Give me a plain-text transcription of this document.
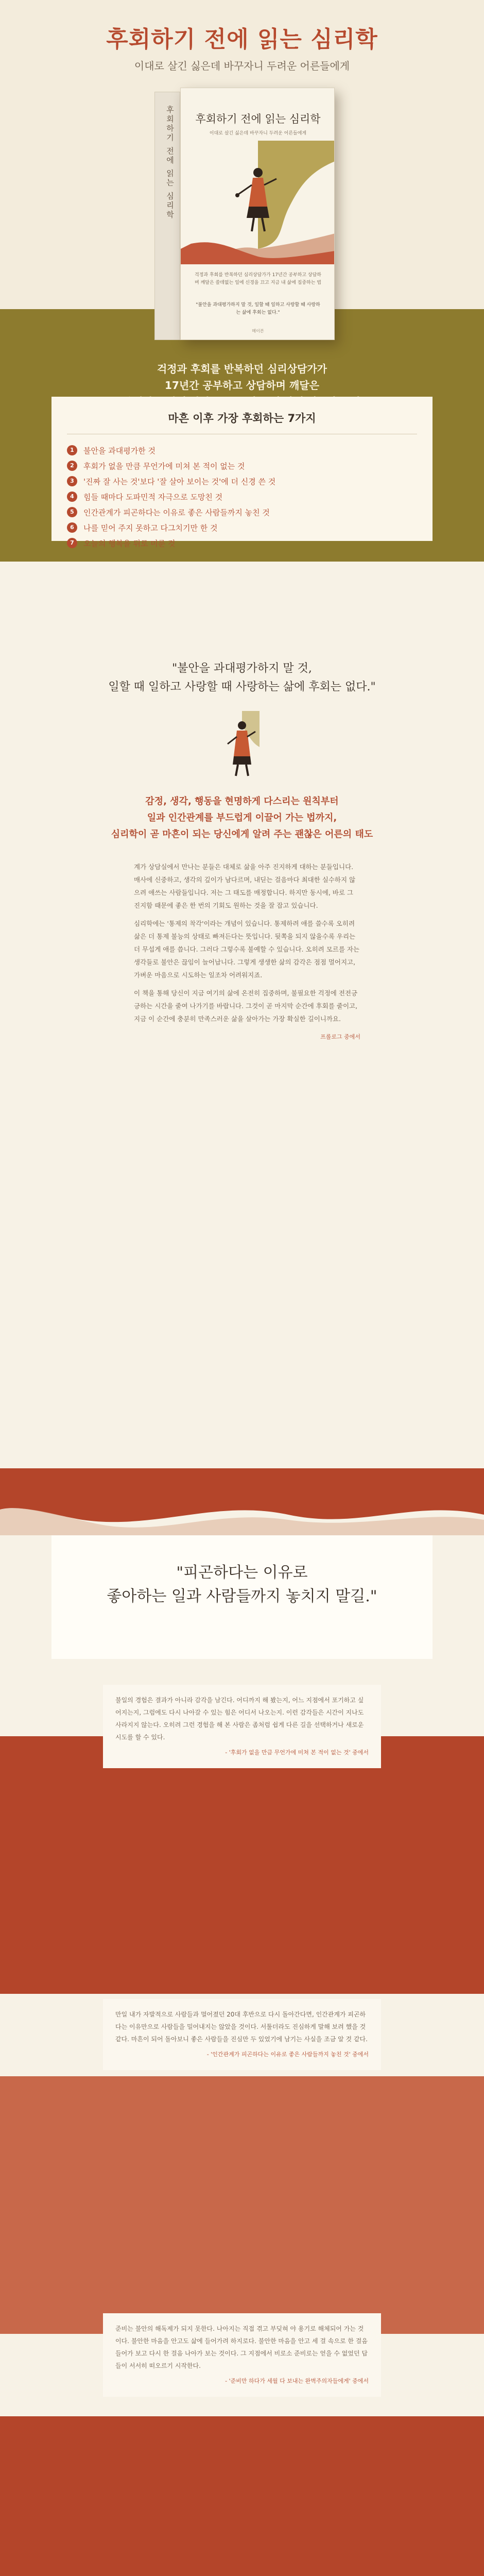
후회하기 전에 읽는 심리학
이대로 살긴 싫은데 바꾸자니 두려운 어른들에게
후회하기 전에 읽는 심리학	후회하기 전에 읽는 심리학
이대로 살긴 싫은데 바꾸자니 두려운 어른들에게
걱정과 후회를 반복하던 심리상담가가 17년간 공부하고 상담하며 깨달은 쓸데없는 일에 신경을 끄고 지금 내 삶에 집중하는 법
"불안을 과대평가하지 말 것, 일할 때 일하고 사랑할 때 사랑하는 삶에 후회는 없다."
메이븐
걱정과 후회를 반복하던 심리상담가가
17년간 공부하고 상담하며 깨달은
마흔 이후 가장 후회하는 7가지
1	불안을 과대평가한 것
2	후회가 없을 만큼 무언가에 미쳐 본 적이 없는 것
3	'진짜 잘 사는 것'보다 '잘 살아 보이는 것'에 더 신경 쓴 것
4	힘들 때마다 도파민적 자극으로 도망친 것
5	인간관계가 피곤하다는 이유로 좋은 사람들까지 놓친 것
6	나를 믿어 주지 못하고 다그치기만 한 것
7	오늘의 행복을 뒤로 미룬 것
"불안을 과대평가하지 말 것,
일할 때 일하고 사랑할 때 사랑하는 삶에 후회는 없다."
감정, 생각, 행동을 현명하게 다스리는 원칙부터
일과 인간관계를 부드럽게 이끌어 가는 법까지,
심리학이 곧 마흔이 되는 당신에게 알려 주는 괜찮은 어른의 태도

계가 상담실에서 만나는 분들은 대체로 삶을 아주 진지하게 대하는 분들입니다. 매사에 신중하고, 생각의 깊이가 남다르며, 내딛는 걸음마다 최대한 실수하지 않으려 애쓰는 사람들입니다. 저는 그 태도를 매정합니다. 하지만 동시에, 바로 그 진지함 때문에 좋은 한 번의 기회도 원하는 것을 잘 잡고 있습니다.

심리학에는 '통제의 착각'이라는 개념이 있습니다. 통제하려 애를 쓸수록 오히려 삶은 더 통제 불능의 상태로 빠져든다는 뜻입니다. 뒷쪽을 되지 않을수록 우리는 더 무섭게 애를 씁니다. 그러다 그렇수록 불예할 수 있습니다. 오히려 모르를 자는 생각들로 불안은 끊임이 늘어납니다. 그렇게 생생한 삶의 감각은 점점 멀어지고, 가벼운 마음으로 시도하는 일조차 어려워지죠.

이 책을 통해 당신이 지금 여기의 삶에 온전히 집중하며, 불필요한 걱정에 전전긍긍하는 시간을 줄여 나가기를 바랍니다. 그것이 곧 마지막 순간에 후회를 줄이고, 지금 이 순간에 충분히 만족스러운 삶을 살아가는 가장 확실한 길이니까요.

프롤로그 중에서
"피곤하다는 이유로
좋아하는 일과 사람들까지 놓치지 말길."
불일의 경험은 결과가 아니라 감각을 남긴다. 어디까지 해 봤는지, 어느 지점에서 포기하고 싶어지는지, 그럼에도 다시 나아갈 수 있는 힘은 어디서 나오는지. 이런 감각들은 시간이 지나도 사라지지 않는다. 오히려 그런 경험을 해 본 사람은 좀처럼 쉽게 다른 길을 선택하거나 새로운 시도를 할 수 있다.
- '후회가 없을 만큼 무언가에 미쳐 본 적이 없는 것' 중에서
만일 내가 자발적으로 사람들과 멀어졌던 20대 후반으로 다시 돌아간다면, 인간관계가 피곤하다는 이유만으로 사람들을 밀어내지는 않았을 것이다. 서툴더라도 진심하게 말해 보려 했을 것 같다. 마흔이 되어 돌아보니 좋은 사람들을 진심만 두 있었기에 남기는 사실을 조금 알 것 같다.
- '인간관계가 피곤하다는 이유로 좋은 사람들까지 놓친 것' 중에서
준비는 불안의 해독제가 되지 못한다. 나아지는 직접 겪고 부딪혀 야 용기로 해체되어 가는 것이다. 불안한 마음을 안고도 삶에 들어가려 하지로다. 불안한 마음을 안고 세 걸 속으로 한 걸음 들어가 보고 다시 한 걸음 나아가 보는 것이다. 그 지점에서 비로소 준비로는 얻을 수 없었던 답들이 서서히 떠오르기 시작한다.
- '준비만 하다가 세월 다 보내는 완벽주의자들에게' 중에서
